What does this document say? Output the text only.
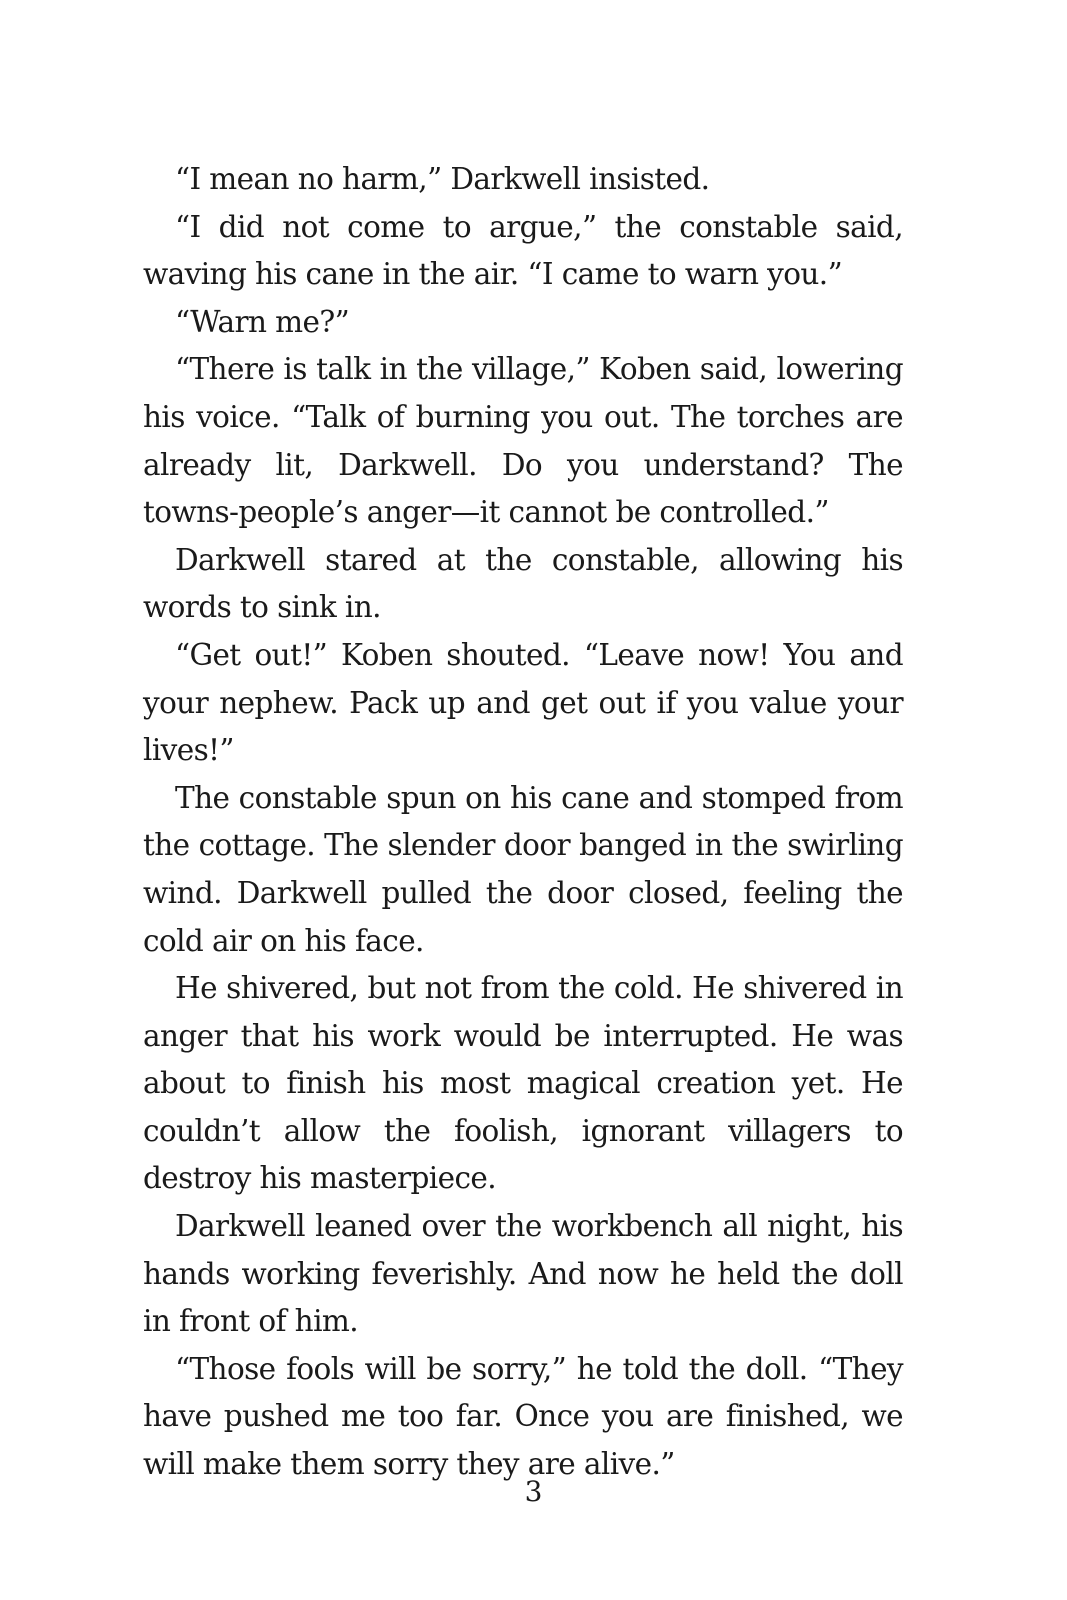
“I mean no harm,” Darkwell insisted.

“I did not come to argue,” the constable said, waving his cane in the air. “I came to warn you.”

“Warn me?”

“There is talk in the village,” Koben said, lowering his voice. “Talk of burning you out. The torches are already lit, Darkwell. Do you understand? The towns-people’s anger—it cannot be controlled.”

Darkwell stared at the constable, allowing his words to sink in.

“Get out!” Koben shouted. “Leave now! You and your nephew. Pack up and get out if you value your lives!”

The constable spun on his cane and stomped from the cottage. The slender door banged in the swirling wind. Darkwell pulled the door closed, feeling the cold air on his face.

He shivered, but not from the cold. He shivered in anger that his work would be interrupted. He was about to finish his most magical creation yet. He couldn’t allow the foolish, ignorant villagers to destroy his masterpiece.

Darkwell leaned over the workbench all night, his hands working feverishly. And now he held the doll in front of him.

“Those fools will be sorry,” he told the doll. “They have pushed me too far. Once you are finished, we will make them sorry they are alive.”

3
